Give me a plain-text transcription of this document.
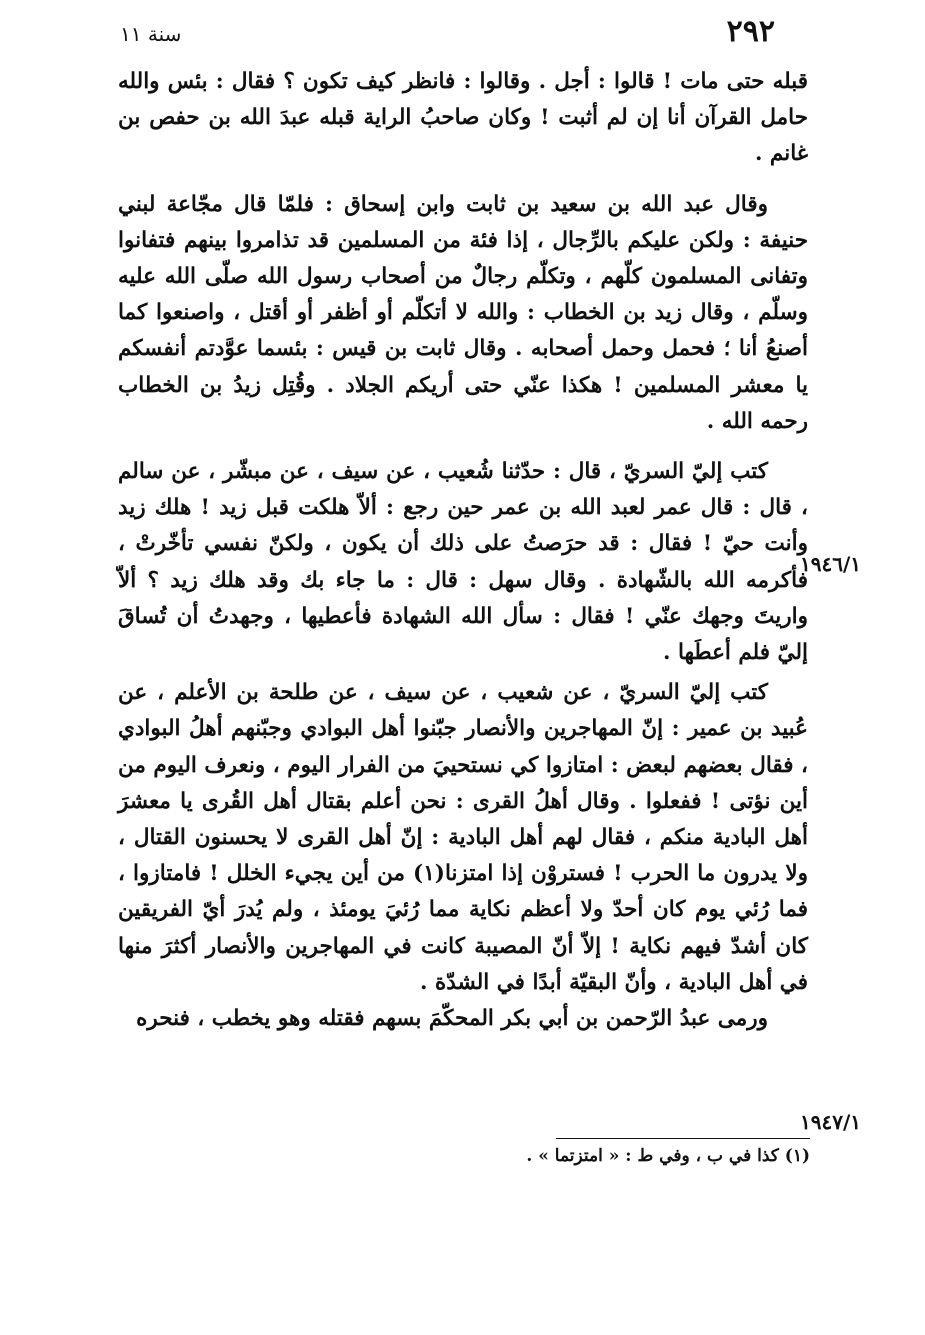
٢٩٢
سنة ١١

قبله حتى مات ! قالوا : أجل . وقالوا : فانظر كيف تكون ؟ فقال : بئس والله حامل القرآن أنا إن لم أثبت ! وكان صاحبُ الراية قبله عبدَ الله بن حفص بن غانم .

وقال عبد الله بن سعيد بن ثابت وابن إسحاق : فلمّا قال مجّاعة لبني حنيفة : ولكن عليكم بالرِّجال ، إذا فئة من المسلمين قد تذامروا بينهم فتفانوا وتفانى المسلمون كلّهم ، وتكلّم رجالٌ من أصحاب رسول الله صلّى الله عليه وسلّم ، وقال زيد بن الخطاب : والله لا أتكلّم أو أظفر أو أقتل ، واصنعوا كما أصنعُ أنا ؛ فحمل وحمل أصحابه . وقال ثابت بن قيس : بئسما عوَّدتم أنفسكم يا معشر المسلمين ! هكذا عنّي حتى أريكم الجلاد . وقُتِل زيدُ بن الخطاب رحمه الله .

كتب إليّ السريّ ، قال : حدّثنا شُعيب ، عن سيف ، عن مبشّر ، عن سالم ، قال : قال عمر لعبد الله بن عمر حين رجع : ألاّ هلكت قبل زيد ! هلك زيد وأنت حيّ ! فقال : قد حرَصتُ على ذلك أن يكون ، ولكنّ نفسي تأخّرتْ ، فأكرمه الله بالشّهادة . وقال سهل : قال : ما جاء بك وقد هلك زيد ؟ ألاّ واريتَ وجهك عنّي ! فقال : سأل الله الشهادة فأعطيها ، وجهدتُ أن تُساقَ إليّ فلم أعطَها .

كتب إليّ السريّ ، عن شعيب ، عن سيف ، عن طلحة بن الأعلم ، عن عُبيد بن عمير : إنّ المهاجرين والأنصار جبّنوا أهل البوادي وجبّنهم أهلُ البوادي ، فقال بعضهم لبعض : امتازوا كي نستحييَ من الفرار اليوم ، ونعرف اليوم من أين نؤتى ! ففعلوا . وقال أهلُ القرى : نحن أعلم بقتال أهل القُرى يا معشرَ أهل البادية منكم ، فقال لهم أهل البادية : إنّ أهل القرى لا يحسنون القتال ، ولا يدرون ما الحرب ! فستروْن إذا امتزنا(١) من أين يجيء الخلل ! فامتازوا ، فما رُئي يوم كان أحدّ ولا أعظم نكاية مما رُئيَ يومئذ ، ولم يُدرَ أيّ الفريقين كان أشدّ فيهم نكاية ! إلاّ أنّ المصيبة كانت في المهاجرين والأنصار أكثرَ منها في أهل البادية ، وأنّ البقيّة أبدًا في الشدّة .

ورمى عبدُ الرّحمن بن أبي بكر المحكّمَ بسهم فقتله وهو يخطب ، فنحره

١٩٤٦/١
١٩٤٧/١
(١) كذا في ب ، وفي ط : « امتزتما » .
